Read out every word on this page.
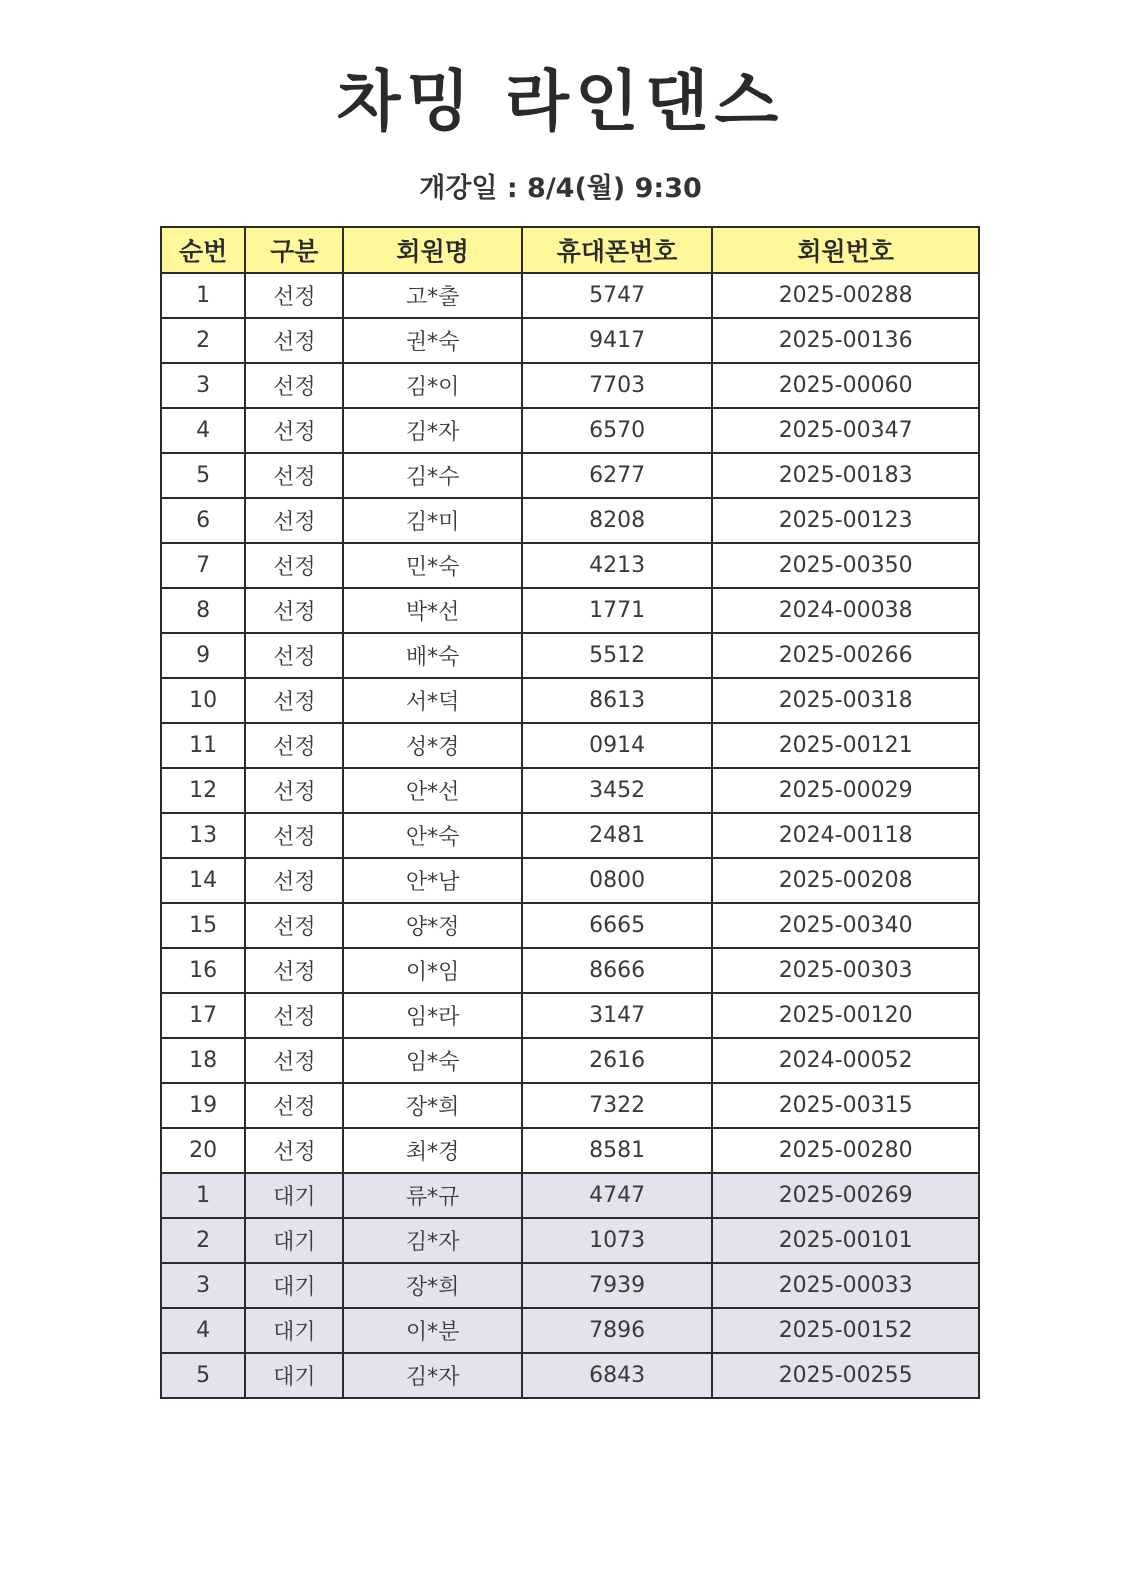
차밍 라인댄스
개강일 : 8/4(월) 9:30
순번	구분	회원명	휴대폰번호	회원번호
1	선정	고*출	5747	2025-00288
2	선정	권*숙	9417	2025-00136
3	선정	김*이	7703	2025-00060
4	선정	김*자	6570	2025-00347
5	선정	김*수	6277	2025-00183
6	선정	김*미	8208	2025-00123
7	선정	민*숙	4213	2025-00350
8	선정	박*선	1771	2024-00038
9	선정	배*숙	5512	2025-00266
10	선정	서*덕	8613	2025-00318
11	선정	성*경	0914	2025-00121
12	선정	안*선	3452	2025-00029
13	선정	안*숙	2481	2024-00118
14	선정	안*남	0800	2025-00208
15	선정	양*정	6665	2025-00340
16	선정	이*임	8666	2025-00303
17	선정	임*라	3147	2025-00120
18	선정	임*숙	2616	2024-00052
19	선정	장*희	7322	2025-00315
20	선정	최*경	8581	2025-00280
1	대기	류*규	4747	2025-00269
2	대기	김*자	1073	2025-00101
3	대기	장*희	7939	2025-00033
4	대기	이*분	7896	2025-00152
5	대기	김*자	6843	2025-00255
